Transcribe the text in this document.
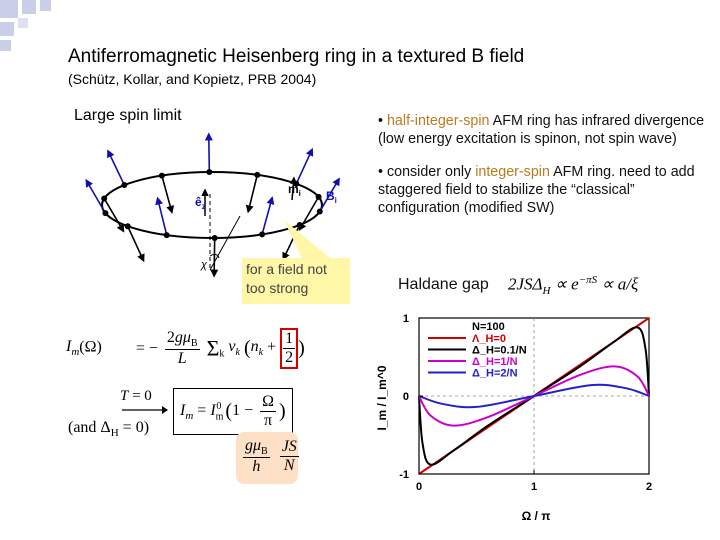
Antiferromagnetic Heisenberg ring in a textured B field
(Schütz, Kollar, and Kopietz, PRB 2004)
Large spin limit
$ê_z$
$m_i$ $B_i$
χ	for a field not too strong

• half-integer-spin AFM ring has infrared divergence (low energy excitation is spinon, not spin wave)

• consider only integer-spin AFM ring. need to add staggered field to stabilize the “classical” configuration (modified SW)

Haldane gap $2JS\Delta_H \propto e^{-\pi S} \propto a/\xi$
$I_m(\Omega)$ = − $\frac{2g\mu_B}{L} \Sigma_k$ $v_k$ ($n_k + \frac{1}{2}$ )
T = 0
$I_m = I_m^0$ ($1 - \frac{\Omega}{\pi}$ )
(and $\Delta_H = 0$)
$\frac{g\mu_B}{h}$
$\frac{JS}{N}$
0	1	2
1
0
-1
N=100
Λ_H=0
Δ_H=0.1/N
Δ_H=1/N
Δ_H=2/N
Ω / π
I_m / I_m^0
